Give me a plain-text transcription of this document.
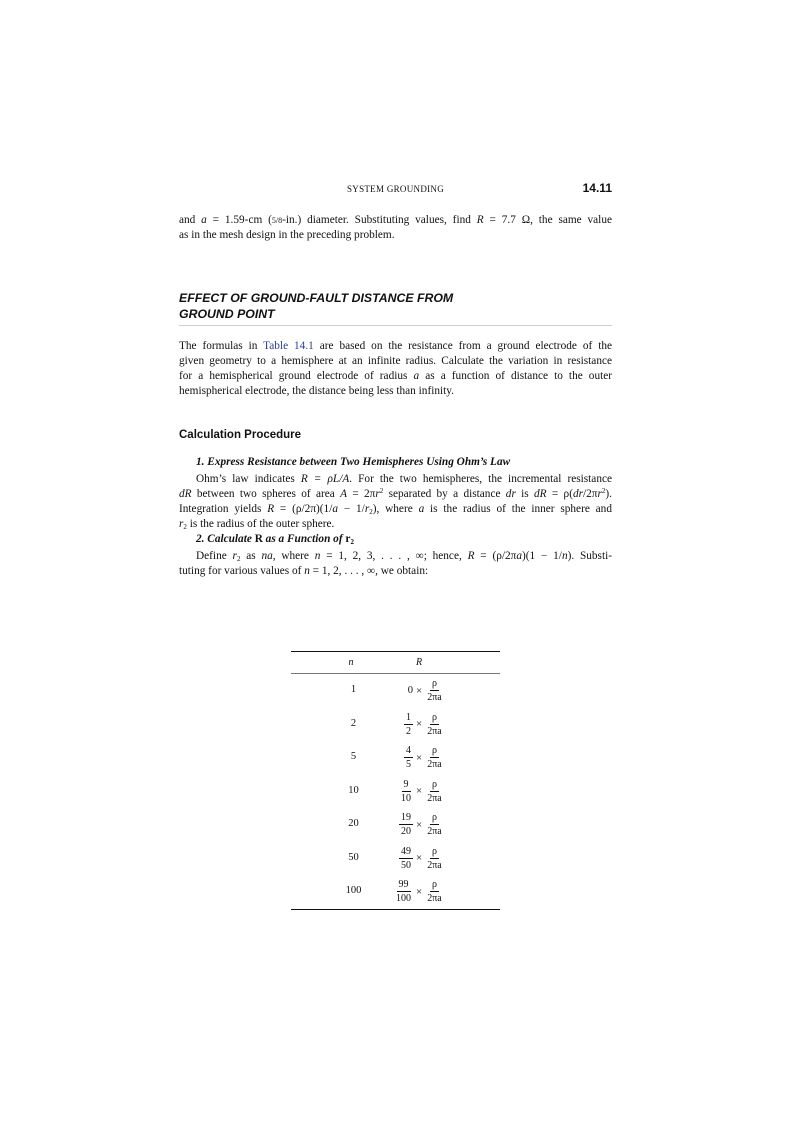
SYSTEM GROUNDING	14.11
and a = 1.59-cm (5/8-in.) diameter. Substituting values, find R = 7.7 Ω, the same value
as in the mesh design in the preceding problem.
EFFECT OF GROUND-FAULT DISTANCE FROM
GROUND POINT
The formulas in Table 14.1 are based on the resistance from a ground electrode of the
given geometry to a hemisphere at an infinite radius. Calculate the variation in resistance
for a hemispherical ground electrode of radius a as a function of distance to the outer
hemispherical electrode, the distance being less than infinity.
Calculation Procedure
1. Express Resistance between Two Hemispheres Using Ohm’s Law
Ohm’s law indicates R = ρL/A. For the two hemispheres, the incremental resistance
dR between two spheres of area $A = 2\pi r^2$ separated by a distance dr is dR = $\rho(dr/2\pi r^2)$.
Integration yields $R = (\rho/2\pi)(1/a - 1/r_2)$, where a is the radius of the inner sphere and
$r_2$ is the radius of the outer sphere.
2. Calculate R as a Function of $r_2$
Define $r_2$ as na, where n = 1, 2, 3, . . . , ∞; hence, R = (ρ/2πa)(1 − 1/n). Substi-
tuting for various values of n = 1, 2, . . . , ∞, we obtain:
n	R
1	$0 \times \frac{\rho}{2\pi a}$
2	$\frac{1}{2} \times \frac{\rho}{2\pi a}$
5	$\frac{4}{5} \times \frac{\rho}{2\pi a}$
10	$\frac{9}{10} \times \frac{\rho}{2\pi a}$
20	$\frac{19}{20} \times \frac{\rho}{2\pi a}$
50	$\frac{49}{50} \times \frac{\rho}{2\pi a}$
100	$\frac{99}{100} \times \frac{\rho}{2\pi a}$
